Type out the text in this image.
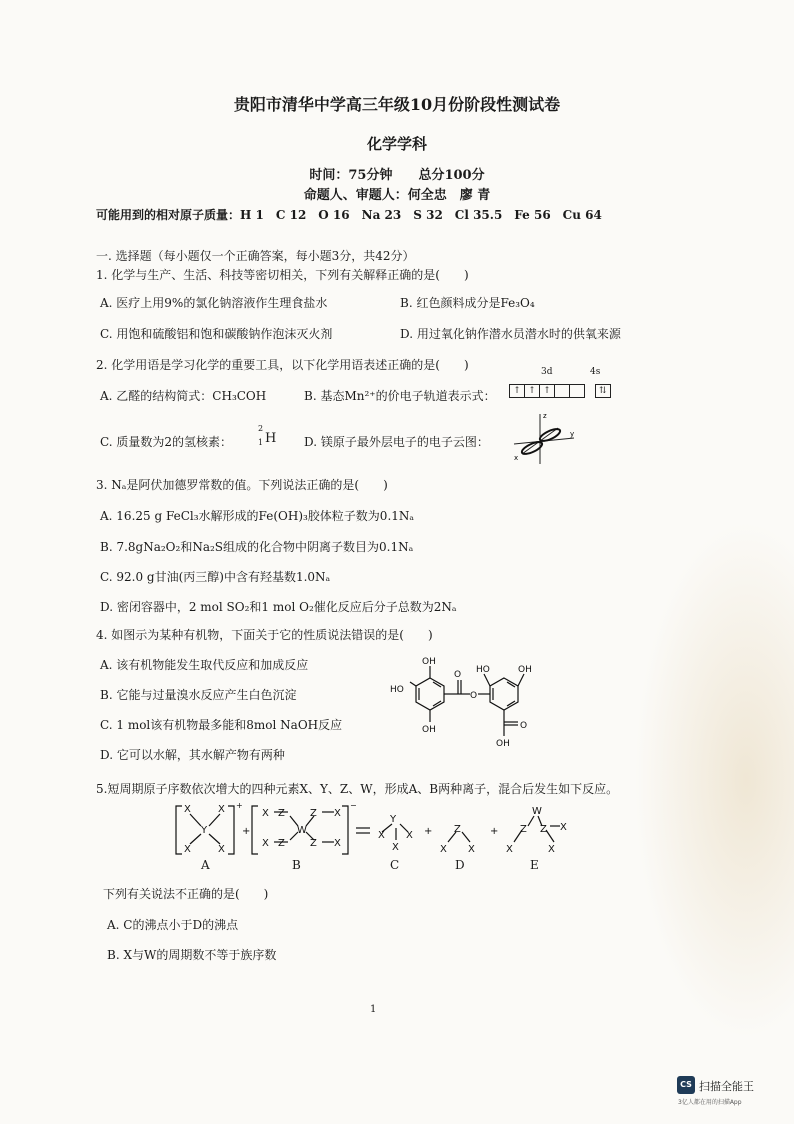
贵阳市清华中学高三年级10月份阶段性测试卷
化学学科
时间：75分钟　　总分100分
命题人、审题人：何全忠　廖 青
可能用到的相对原子质量：H 1　C 12　O 16　Na 23　S 32　Cl 35.5　Fe 56　Cu 64
一. 选择题（每小题仅一个正确答案，每小题3分，共42分）
1. 化学与生产、生活、科技等密切相关，下列有关解释正确的是(　　)
A. 医疗上用9%的氯化钠溶液作生理食盐水	B. 红色颜料成分是Fe₃O₄
C. 用饱和硫酸铝和饱和碳酸钠作泡沫灭火剂	D. 用过氧化钠作潜水员潜水时的供氧来源
2. 化学用语是学习化学的重要工具，以下化学用语表述正确的是(　　)
A. 乙醛的结构简式：CH₃COH	B. 基态Mn²⁺的价电子轨道表示式：
3d	4s
↑ ↑ ↑	⇅
C. 质量数为2的氢核素：
2
1 H D. 镁原子最外层电子的电子云图：
z
y
x
3. Nₐ是阿伏加德罗常数的值。下列说法正确的是(　　)
A. 16.25 g FeCl₃水解形成的Fe(OH)₃胶体粒子数为0.1Nₐ
B. 7.8gNa₂O₂和Na₂S组成的化合物中阴离子数目为0.1Nₐ
C. 92.0 g甘油(丙三醇)中含有羟基数1.0Nₐ
D. 密闭容器中，2 mol SO₂和1 mol O₂催化反应后分子总数为2Nₐ
4. 如图示为某种有机物，下面关于它的性质说法错误的是(　　)
A. 该有机物能发生取代反应和加成反应
B. 它能与过量溴水反应产生白色沉淀
C. 1 mol该有机物最多能和8mol NaOH反应
D. 它可以水解，其水解产物有两种
OH
HO
OH
O
O
HO	OH
O
OH
5.短周期原子序数依次增大的四种元素X、Y、Z、W，形成A、B两种离子，混合后发生如下反应。
X	X
Y
X	X
+
+
X Z
X Z
W
Z X
Z X
−
X
Y
X
X
+
X
Z
X
+
X
Z
W
Z X
X
A	B	C	D	E
下列有关说法不正确的是(　　)
A. C的沸点小于D的沸点
B. X与W的周期数不等于族序数
1
CS 扫描全能王
3亿人都在用的扫描App
